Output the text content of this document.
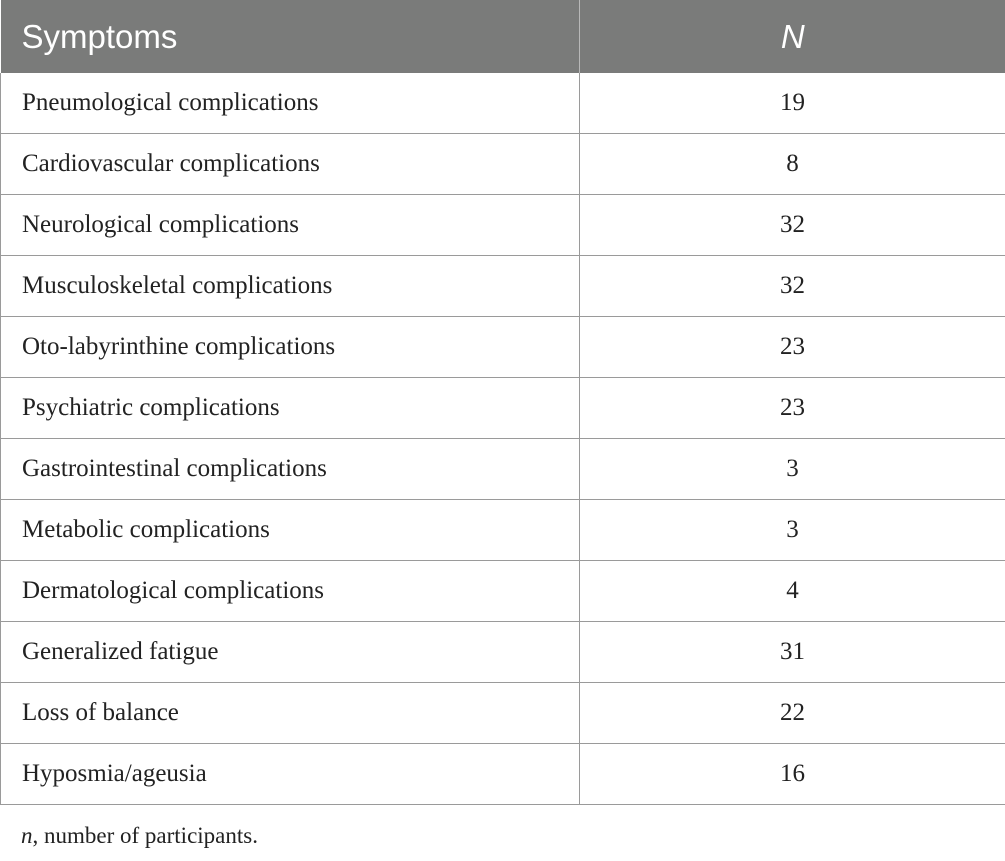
Symptoms	N
Pneumological complications	19
Cardiovascular complications	8
Neurological complications	32
Musculoskeletal complications	32
Oto-labyrinthine complications	23
Psychiatric complications	23
Gastrointestinal complications	3
Metabolic complications	3
Dermatological complications	4
Generalized fatigue	31
Loss of balance	22
Hyposmia/ageusia	16

n, number of participants.
